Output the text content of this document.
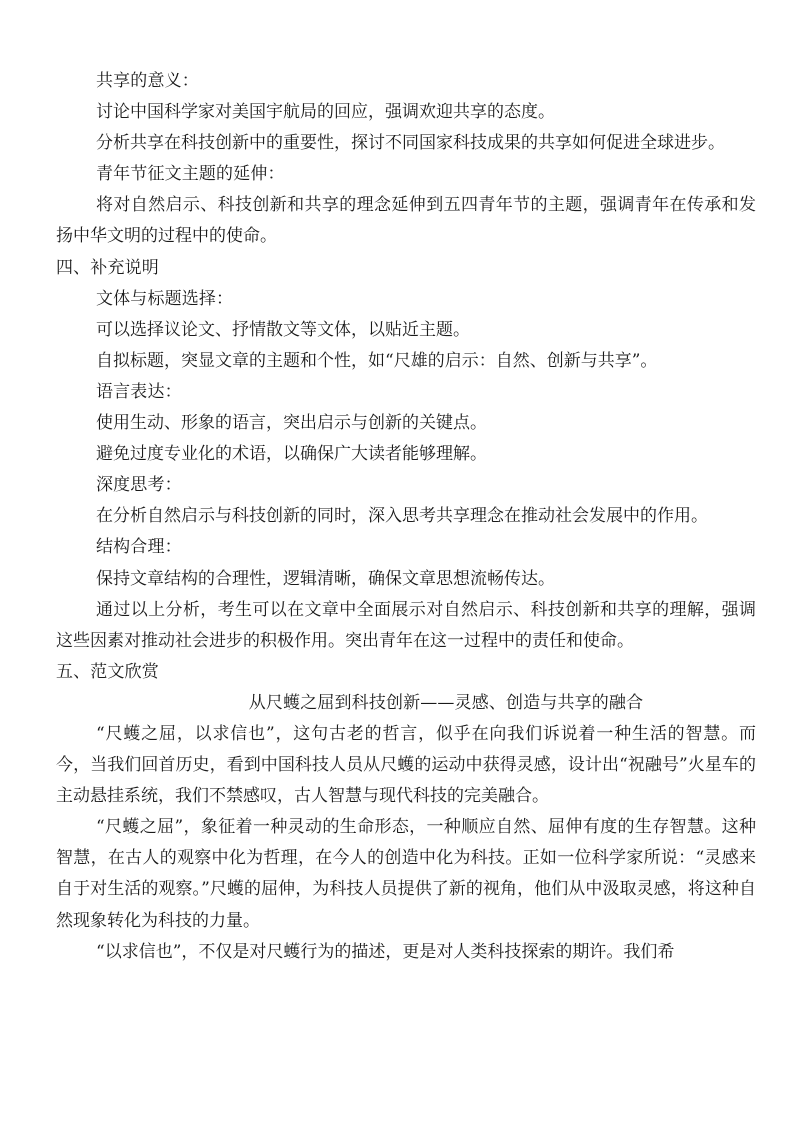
共享的意义：
讨论中国科学家对美国宇航局的回应，强调欢迎共享的态度。
分析共享在科技创新中的重要性，探讨不同国家科技成果的共享如何促进全球进步。
青年节征文主题的延伸：
将对自然启示、科技创新和共享的理念延伸到五四青年节的主题，强调青年在传承和发扬中华文明的过程中的使命。
四、补充说明
文体与标题选择：
可以选择议论文、抒情散文等文体，以贴近主题。
自拟标题，突显文章的主题和个性，如“尺雄的启示：自然、创新与共享”。
语言表达：
使用生动、形象的语言，突出启示与创新的关键点。
避免过度专业化的术语，以确保广大读者能够理解。
深度思考：
在分析自然启示与科技创新的同时，深入思考共享理念在推动社会发展中的作用。
结构合理：
保持文章结构的合理性，逻辑清晰，确保文章思想流畅传达。
通过以上分析，考生可以在文章中全面展示对自然启示、科技创新和共享的理解，强调这些因素对推动社会进步的积极作用。突出青年在这一过程中的责任和使命。
五、范文欣赏
从尺蠖之屈到科技创新——灵感、创造与共享的融合
“尺蠖之屈，以求信也”，这句古老的哲言，似乎在向我们诉说着一种生活的智慧。而今，当我们回首历史，看到中国科技人员从尺蠖的运动中获得灵感，设计出“祝融号”火星车的主动悬挂系统，我们不禁感叹，古人智慧与现代科技的完美融合。
“尺蠖之屈”，象征着一种灵动的生命形态，一种顺应自然、屈伸有度的生存智慧。这种智慧，在古人的观察中化为哲理，在今人的创造中化为科技。正如一位科学家所说：“灵感来自于对生活的观察。”尺蠖的屈伸，为科技人员提供了新的视角，他们从中汲取灵感，将这种自然现象转化为科技的力量。
“以求信也”，不仅是对尺蠖行为的描述，更是对人类科技探索的期许。我们希
